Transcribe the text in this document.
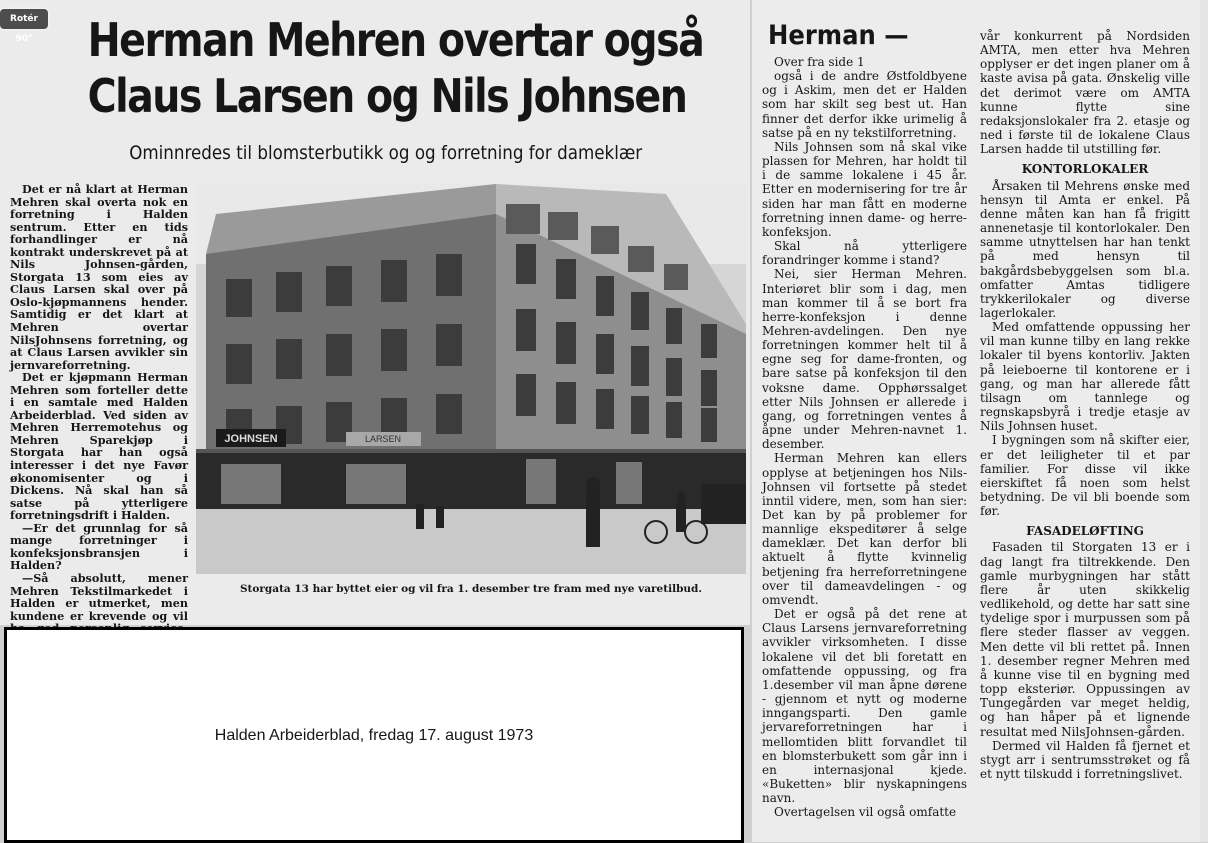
Rotér 90°	Herman Mehren overtar også
Claus Larsen og Nils Johnsen
Ominnredes til blomsterbutikk og og forretning for dameklær

Det er nå klart at Herman Mehren skal overta nok en forretning i Halden sentrum. Etter en tids forhandlinger er nå kontrakt underskrevet på at Nils Johnsen-gården, Storgata 13 som eies av Claus Larsen skal over på Oslo-kjøpmannens hender. Samtidig er det klart at Mehren overtar NilsJohnsens forretning, og at Claus Larsen avvikler sin jernvareforretning.

Det er kjøpmann Herman Mehren som forteller dette i en samtale med Halden Arbeiderblad. Ved siden av Mehren Herremotehus og Mehren Sparekjøp i Storgata har han også interesser i det nye Favør økonomisenter og i Dickens. Nå skal han så satse på ytterligere forretningsdrift i Halden.

—Er det grunnlag for så mange forretninger i konfeksjonsbransjen i Halden?

—Så absolutt, mener Mehren Tekstilmarkedet i Halden er utmerket, men kundene er krevende og vil

JOHNSEN	LARSEN
Storgata 13 har byttet eier og vil fra 1. desember tre fram med nye varetilbud.
Halden Arbeiderblad, fredag 17. august 1973
Herman —

Over fra side 1

også i de andre Østfoldbyene og i Askim, men det er Halden som har skilt seg best ut. Han finner det derfor ikke urimelig å satse på en ny tekstilforretning.

Nils Johnsen som nå skal vike plassen for Mehren, har holdt til i de samme lokalene i 45 år. Etter en modernisering for tre år siden har man fått en moderne forretning innen dame- og herre-konfeksjon.

Skal nå ytterligere forandringer komme i stand?

Nei, sier Herman Mehren. Interiøret blir som i dag, men man kommer til å se bort fra herre-konfeksjon i denne Mehren-avdelingen. Den nye forretningen kommer helt til å egne seg for dame-fronten, og bare satse på konfeksjon til den voksne dame. Opphørssalget etter Nils Johnsen er allerede i gang, og forretningen ventes å åpne under Mehren-navnet 1. desember.

Herman Mehren kan ellers opplyse at betjeningen hos Nils-Johnsen vil fortsette på stedet inntil videre, men, som han sier: Det kan by på problemer for mannlige ekspeditører å selge dameklær. Det kan derfor bli aktuelt å flytte kvinnelig betjening fra herreforretningene over til dameavdelingen - og omvendt.

Det er også på det rene at Claus Larsens jernvareforretning avvikler virksomheten. I disse lokalene vil det bli foretatt en omfattende oppussing, og fra 1.desember vil man åpne dørene - gjennom et nytt og moderne inngangsparti. Den gamle jervareforretningen har i mellomtiden blitt forvandlet til en blomsterbukett som går inn i en internasjonal kjede. «Buketten» blir nyskapningens navn.

Overtagelsen vil også omfatte

vår konkurrent på Nordsiden AMTA, men etter hva Mehren opplyser er det ingen planer om å kaste avisa på gata. Ønskelig ville det derimot være om AMTA kunne flytte sine redaksjonslokaler fra 2. etasje og ned i første til de lokalene Claus Larsen hadde til utstilling før.

KONTORLOKALER

Årsaken til Mehrens ønske med hensyn til Amta er enkel. På denne måten kan han få frigitt annenetasje til kontorlokaler. Den samme utnyttelsen har han tenkt på med hensyn til bakgårdsbebyggelsen som bl.a. omfatter Amtas tidligere trykkerilokaler og diverse lagerlokaler.

Med omfattende oppussing her vil man kunne tilby en lang rekke lokaler til byens kontorliv. Jakten på leieboerne til kontorene er i gang, og man har allerede fått tilsagn om tannlege og regnskapsbyrå i tredje etasje av Nils Johnsen huset.

I bygningen som nå skifter eier, er det leiligheter til et par familier. For disse vil ikke eierskiftet få noen som helst betydning. De vil bli boende som før.

FASADELØFTING

Fasaden til Storgaten 13 er i dag langt fra tiltrekkende. Den gamle murbygningen har stått flere år uten skikkelig vedlikehold, og dette har satt sine tydelige spor i murpussen som på flere steder flasser av veggen. Men dette vil bli rettet på. Innen 1. desember regner Mehren med å kunne vise til en bygning med topp eksteriør. Oppussingen av Tungegården var meget heldig, og han håper på et lignende resultat med NilsJohnsen-gården.

Dermed vil Halden få fjernet et stygt arr i sentrumsstrøket og få et nytt tilskudd i forretningslivet.
